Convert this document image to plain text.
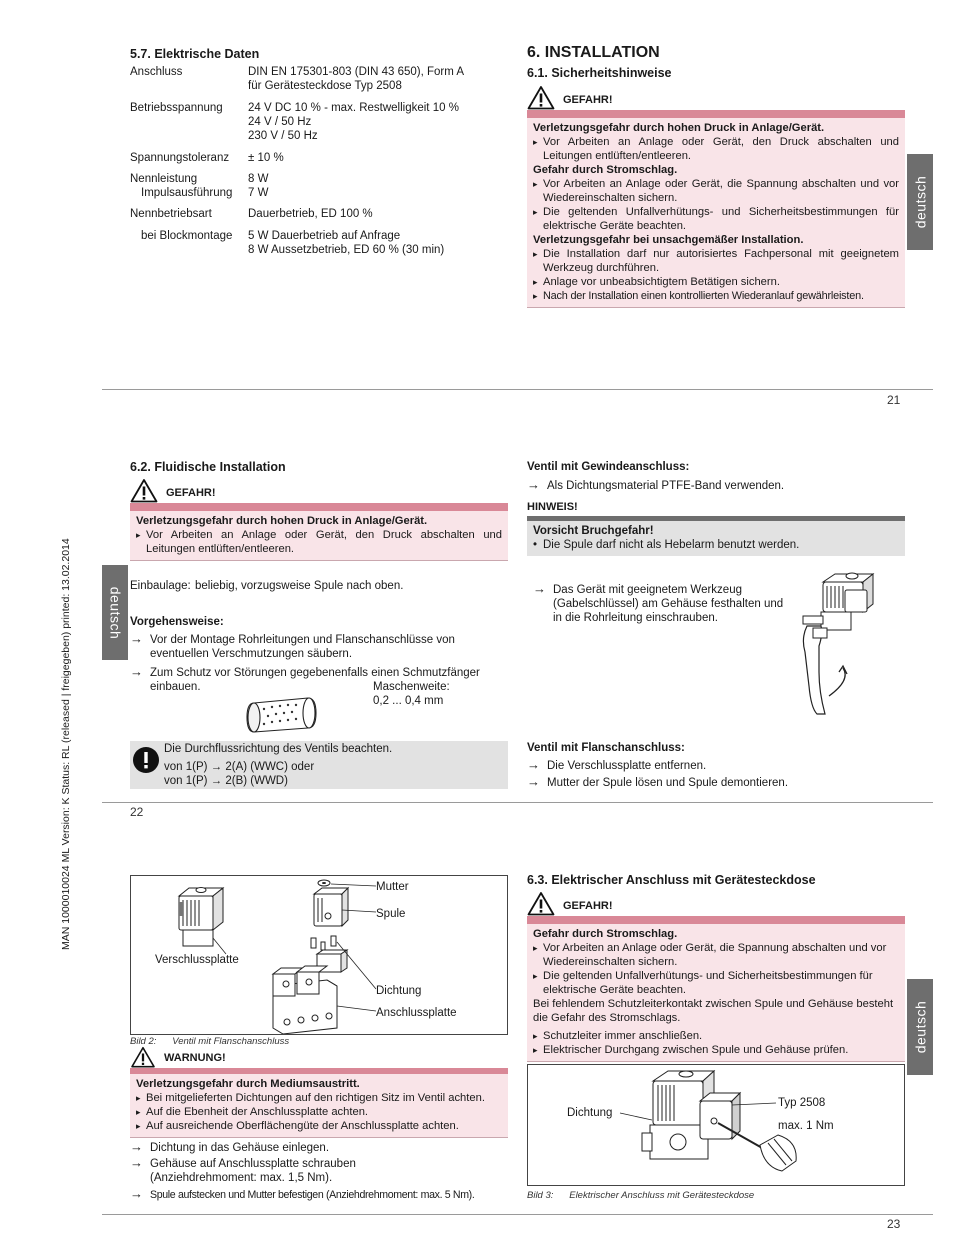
5.7. Elektrische Daten
Anschluss	DIN EN 175301-803 (DIN 43 650), Form A
für Gerätesteckdose Typ 2508
Betriebsspannung	24 V DC 10 % - max. Restwelligkeit 10 %
24 V / 50 Hz
230 V / 50 Hz
Spannungstoleranz	± 10 %
Nennleistung	8 W
Impulsausführung	7 W
Nennbetriebsart	Dauerbetrieb, ED 100 %
bei Blockmontage	5 W Dauerbetrieb auf Anfrage
8 W Aussetzbetrieb, ED 60 % (30 min)
6. INSTALLATION
6.1. Sicherheitshinweise
GEFAHR!
Verletzungsgefahr durch hohen Druck in Anlage/Gerät.
▸ Vor Arbeiten an Anlage oder Gerät, den Druck abschalten und Leitungen entlüften/entleeren.
Gefahr durch Stromschlag.
▸ Vor Arbeiten an Anlage oder Gerät, die Spannung abschalten und vor Wiedereinschalten sichern.
▸ Die geltenden Unfallverhütungs- und Sicherheitsbestimmungen für elektrische Geräte beachten.
Verletzungsgefahr bei unsachgemäßer Installation.
▸ Die Installation darf nur autorisiertes Fachpersonal mit geeignetem Werkzeug durchführen.
▸ Anlage vor unbeabsichtigtem Betätigen sichern.
▸ Nach der Installation einen kontrollierten Wiederanlauf gewährleisten.
deutsch
21
MAN 1000010024 ML Version: K Status: RL (released | freigegeben) printed: 13.02.2014	deutsch
6.2. Fluidische Installation
GEFAHR!
Verletzungsgefahr durch hohen Druck in Anlage/Gerät.
▸ Vor Arbeiten an Anlage oder Gerät, den Druck abschalten und Leitungen entlüften/entleeren.
Einbaulage: beliebig, vorzugsweise Spule nach oben.
Vorgehensweise:
→ Vor der Montage Rohrleitungen und Flanschanschlüsse von eventuellen Verschmutzungen säubern.
→ Zum Schutz vor Störungen gegebenenfalls einen Schmutzfänger einbauen.	Maschenweite:
0,2 ... 0,4 mm
Die Durchflussrichtung des Ventils beachten.
von 1(P) → 2(A) (WWC) oder
von 1(P) → 2(B) (WWD)
Ventil mit Gewindeanschluss:
→ Als Dichtungsmaterial PTFE-Band verwenden.
HINWEIS!
Vorsicht Bruchgefahr!
• Die Spule darf nicht als Hebelarm benutzt werden.
→ Das Gerät mit geeignetem Werkzeug (Gabelschlüssel) am Gehäuse festhalten und in die Rohrleitung einschrauben.
Ventil mit Flanschanschluss:
→ Die Verschlussplatte entfernen.
→ Mutter der Spule lösen und Spule demontieren.
22
Mutter
Spule
Verschlussplatte
Dichtung
Anschlussplatte
Bild 2:      Ventil mit Flanschanschluss
WARNUNG!
Verletzungsgefahr durch Mediumsaustritt.
▸ Bei mitgelieferten Dichtungen auf den richtigen Sitz im Ventil achten.
▸ Auf die Ebenheit der Anschlussplatte achten.
▸ Auf ausreichende Oberflächengüte der Anschlussplatte achten.
→ Dichtung in das Gehäuse einlegen.
→ Gehäuse auf Anschlussplatte schrauben (Anziehdrehmoment: max. 1,5 Nm).
→ Spule aufstecken und Mutter befestigen (Anziehdrehmoment: max. 5 Nm).
6.3. Elektrischer Anschluss mit Gerätesteckdose
GEFAHR!
Gefahr durch Stromschlag.
▸ Vor Arbeiten an Anlage oder Gerät, die Spannung abschalten und vor Wiedereinschalten sichern.
▸ Die geltenden Unfallverhütungs- und Sicherheitsbestimmungen für elektrische Geräte beachten.
Bei fehlendem Schutzleiterkontakt zwischen Spule und Gehäuse besteht die Gefahr des Stromschlags.
▸ Schutzleiter immer anschließen.
▸ Elektrischer Durchgang zwischen Spule und Gehäuse prüfen.	deutsch
Dichtung
Typ 2508
max. 1 Nm
Bild 3:      Elektrischer Anschluss mit Gerätesteckdose
23
